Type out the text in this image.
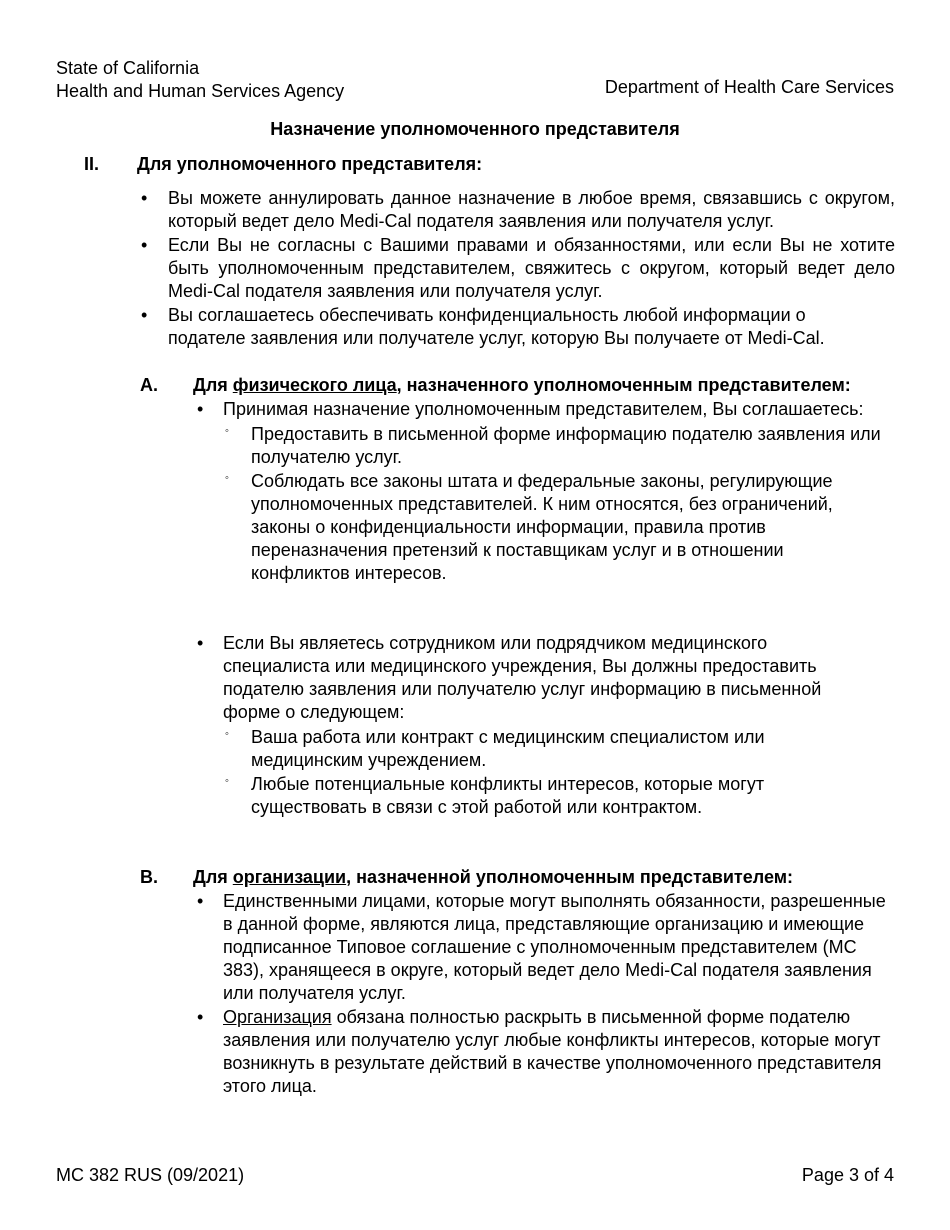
State of California
Health and Human Services Agency	Department of Health Care Services
Назначение уполномоченного представителя
II. Для уполномоченного представителя:
•
Вы можете аннулировать данное назначение в любое время, связавшись с округом, который ведет дело Medi-Cal подателя заявления или получателя услуг.
•
Если Вы не согласны с Вашими правами и обязанностями, или если Вы не хотите быть уполномоченным представителем, свяжитесь с округом, который ведет дело Medi-Cal подателя заявления или получателя услуг.
•
Вы соглашаетесь обеспечивать конфиденциальность любой информации о подателе заявления или получателе услуг, которую Вы получаете от Medi-Cal.
A. Для физического лица, назначенного уполномоченным представителем:
•
Принимая назначение уполномоченным представителем, Вы соглашаетесь:
◦
Предоставить в письменной форме информацию подателю заявления или получателю услуг.
◦
Соблюдать все законы штата и федеральные законы, регулирующие уполномоченных представителей. К ним относятся, без ограничений, законы о конфиденциальности информации, правила против переназначения претензий к поставщикам услуг и в отношении конфликтов интересов.
•
Если Вы являетесь сотрудником или подрядчиком медицинского специалиста или медицинского учреждения, Вы должны предоставить подателю заявления или получателю услуг информацию в письменной форме о следующем:
◦
Ваша работа или контракт с медицинским специалистом или медицинским учреждением.
◦
Любые потенциальные конфликты интересов, которые могут существовать в связи с этой работой или контрактом.
B. Для организации, назначенной уполномоченным представителем:
•
Единственными лицами, которые могут выполнять обязанности, разрешенные в данной форме, являются лица, представляющие организацию и имеющие подписанное Типовое соглашение с уполномоченным представителем (MC 383), хранящееся в округе, который ведет дело Medi-Cal подателя заявления или получателя услуг.
•
Организация обязана полностью раскрыть в письменной форме подателю заявления или получателю услуг любые конфликты интересов, которые могут возникнуть в результате действий в качестве уполномоченного представителя этого лица.
MC 382 RUS (09/2021)	Page 3 of 4
